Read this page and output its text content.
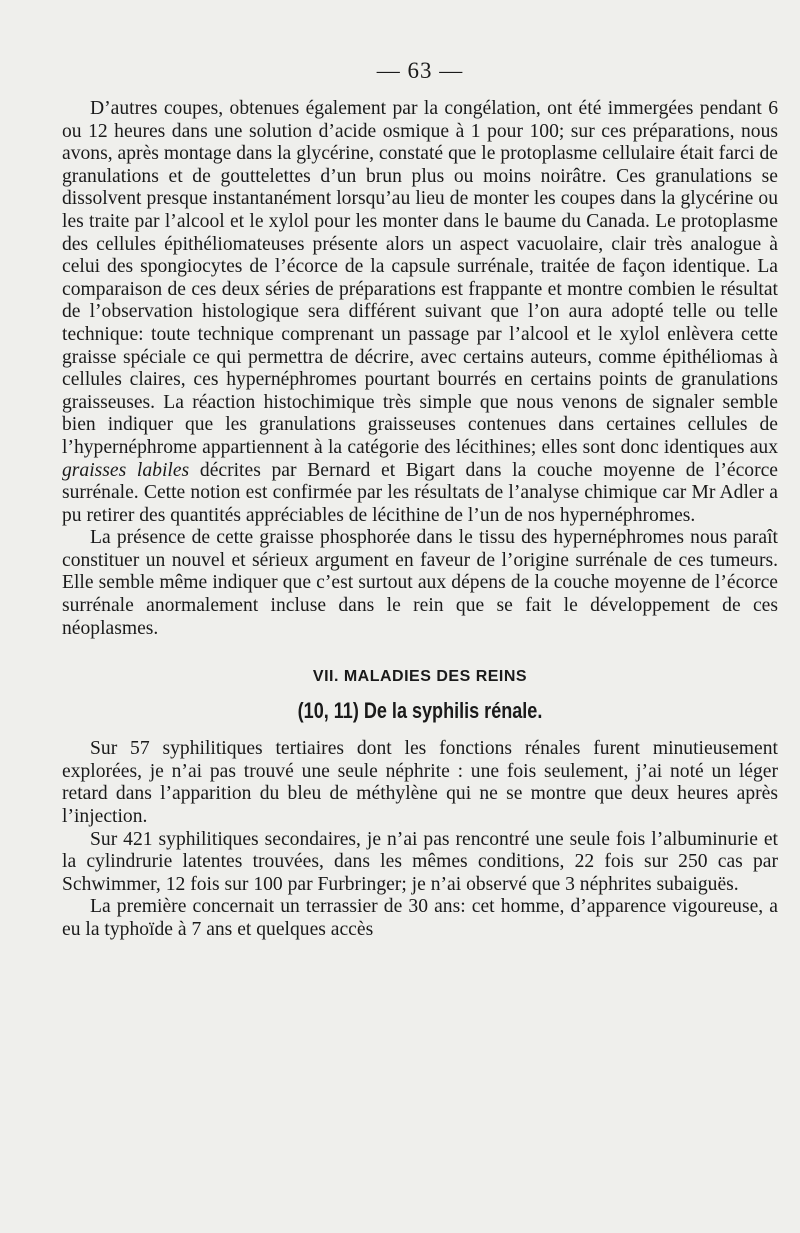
— 63 —

D’autres coupes, obtenues également par la congélation, ont été immergées pendant 6 ou 12 heures dans une solution d’acide osmique à 1 pour 100; sur ces préparations, nous avons, après montage dans la glycérine, constaté que le protoplasme cellulaire était farci de granulations et de gouttelettes d’un brun plus ou moins noirâtre. Ces granulations se dissolvent presque instantanément lorsqu’au lieu de monter les coupes dans la glycérine ou les traite par l’alcool et le xylol pour les monter dans le baume du Canada. Le protoplasme des cellules épithéliomateuses présente alors un aspect vacuolaire, clair très analogue à celui des spongiocytes de l’écorce de la capsule surrénale, traitée de façon identique. La comparaison de ces deux séries de préparations est frappante et montre combien le résultat de l’observation histologique sera différent suivant que l’on aura adopté telle ou telle technique: toute technique comprenant un passage par l’alcool et le xylol enlèvera cette graisse spéciale ce qui permettra de décrire, avec certains auteurs, comme épithéliomas à cellules claires, ces hypernéphromes pourtant bourrés en certains points de granulations graisseuses. La réaction histochimique très simple que nous venons de signaler semble bien indiquer que les granulations graisseuses contenues dans certaines cellules de l’hypernéphrome appartiennent à la catégorie des lécithines; elles sont donc identiques aux graisses labiles décrites par Bernard et Bigart dans la couche moyenne de l’écorce surrénale. Cette notion est confirmée par les résultats de l’analyse chimique car Mr Adler a pu retirer des quantités appréciables de lécithine de l’un de nos hypernéphromes.

La présence de cette graisse phosphorée dans le tissu des hypernéphromes nous paraît constituer un nouvel et sérieux argument en faveur de l’origine surrénale de ces tumeurs. Elle semble même indiquer que c’est surtout aux dépens de la couche moyenne de l’écorce surrénale anormalement incluse dans le rein que se fait le développement de ces néoplasmes.

VII. MALADIES DES REINS
(10, 11) De la syphilis rénale.

Sur 57 syphilitiques tertiaires dont les fonctions rénales furent minutieusement explorées, je n’ai pas trouvé une seule néphrite : une fois seulement, j’ai noté un léger retard dans l’apparition du bleu de méthylène qui ne se montre que deux heures après l’injection.

Sur 421 syphilitiques secondaires, je n’ai pas rencontré une seule fois l’albuminurie et la cylindrurie latentes trouvées, dans les mêmes conditions, 22 fois sur 250 cas par Schwimmer, 12 fois sur 100 par Furbringer; je n’ai observé que 3 néphrites subaiguës.

La première concernait un terrassier de 30 ans: cet homme, d’apparence vigoureuse, a eu la typhoïde à 7 ans et quelques accès
